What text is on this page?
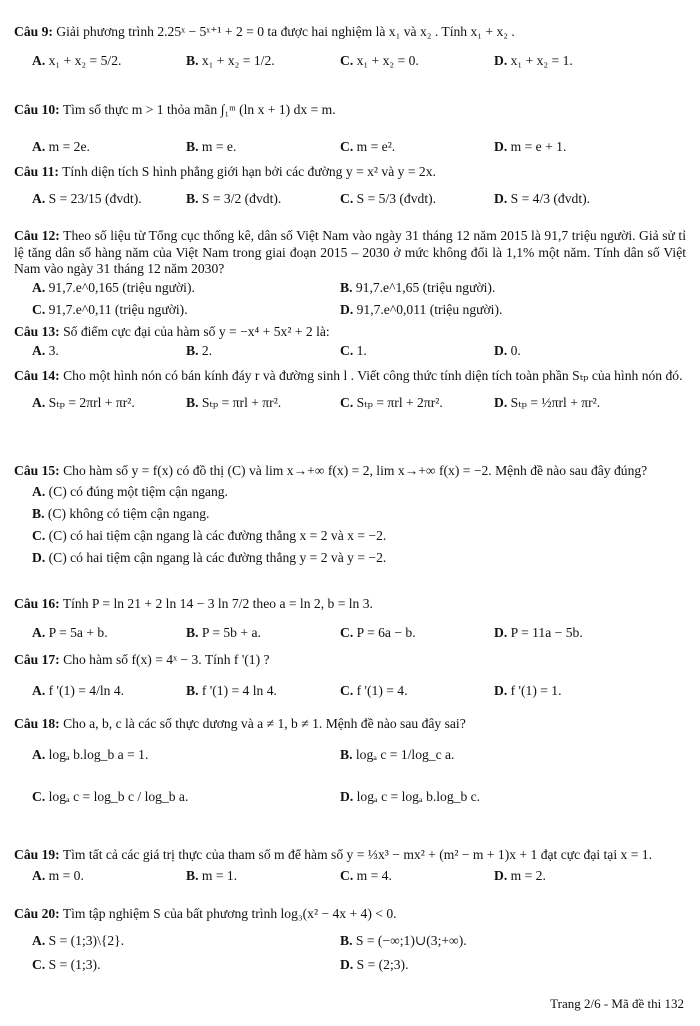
Câu 9: Giải phương trình 2.25ˣ − 5ˣ⁺¹ + 2 = 0 ta được hai nghiệm là x₁ và x₂ . Tính x₁ + x₂ .
A. x₁ + x₂ = 5/2.	B. x₁ + x₂ = 1/2.	C. x₁ + x₂ = 0.	D. x₁ + x₂ = 1.
Câu 10: Tìm số thực m > 1 thỏa mãn ∫₁ᵐ (ln x + 1) dx = m.
A. m = 2e.	B. m = e.	C. m = e².	D. m = e + 1.
Câu 11: Tính diện tích S hình phẳng giới hạn bởi các đường y = x² và y = 2x.
A. S = 23/15 (đvdt).	B. S = 3/2 (đvdt).	C. S = 5/3 (đvdt).	D. S = 4/3 (đvdt).
Câu 12: Theo số liệu từ Tổng cục thống kê, dân số Việt Nam vào ngày 31 tháng 12 năm 2015 là 91,7 triệu người. Giả sử tỉ lệ tăng dân số hàng năm của Việt Nam trong giai đoạn 2015 – 2030 ở mức không đổi là 1,1% một năm. Tính dân số Việt Nam vào ngày 31 tháng 12 năm 2030?
A. 91,7.e^0,165 (triệu người).	B. 91,7.e^1,65 (triệu người).
C. 91,7.e^0,11 (triệu người).	D. 91,7.e^0,011 (triệu người).
Câu 13: Số điểm cực đại của hàm số y = −x⁴ + 5x² + 2 là:
A. 3.	B. 2.	C. 1.	D. 0.
Câu 14: Cho một hình nón có bán kính đáy r và đường sinh l . Viết công thức tính diện tích toàn phần Sₜₚ của hình nón đó.
A. Sₜₚ = 2πrl + πr².	B. Sₜₚ = πrl + πr².	C. Sₜₚ = πrl + 2πr².	D. Sₜₚ = ½πrl + πr².
Câu 15: Cho hàm số y = f(x) có đồ thị (C) và lim x→+∞ f(x) = 2, lim x→+∞ f(x) = −2. Mệnh đề nào sau đây đúng?
A. (C) có đúng một tiệm cận ngang.
B. (C) không có tiệm cận ngang.
C. (C) có hai tiệm cận ngang là các đường thẳng x = 2 và x = −2.
D. (C) có hai tiệm cận ngang là các đường thẳng y = 2 và y = −2.
Câu 16: Tính P = ln 21 + 2 ln 14 − 3 ln 7/2 theo a = ln 2, b = ln 3.
A. P = 5a + b.	B. P = 5b + a.	C. P = 6a − b.	D. P = 11a − 5b.
Câu 17: Cho hàm số f(x) = 4ˣ − 3. Tính f '(1) ?
A. f '(1) = 4/ln 4.	B. f '(1) = 4 ln 4.	C. f '(1) = 4.	D. f '(1) = 1.
Câu 18: Cho a, b, c là các số thực dương và a ≠ 1, b ≠ 1. Mệnh đề nào sau đây sai?
A. logₐ b.log_b a = 1.	B. logₐ c = 1/log_c a.
C. logₐ c = log_b c / log_b a.	D. logₐ c = logₐ b.log_b c.
Câu 19: Tìm tất cả các giá trị thực của tham số m để hàm số y = ⅓x³ − mx² + (m² − m + 1)x + 1 đạt cực đại tại x = 1.
A. m = 0.	B. m = 1.	C. m = 4.	D. m = 2.
Câu 20: Tìm tập nghiệm S của bất phương trình log₃(x² − 4x + 4) < 0.
A. S = (1;3)\{2}.	B. S = (−∞;1)∪(3;+∞).
C. S = (1;3).	D. S = (2;3).
Trang 2/6 - Mã đề thi 132
